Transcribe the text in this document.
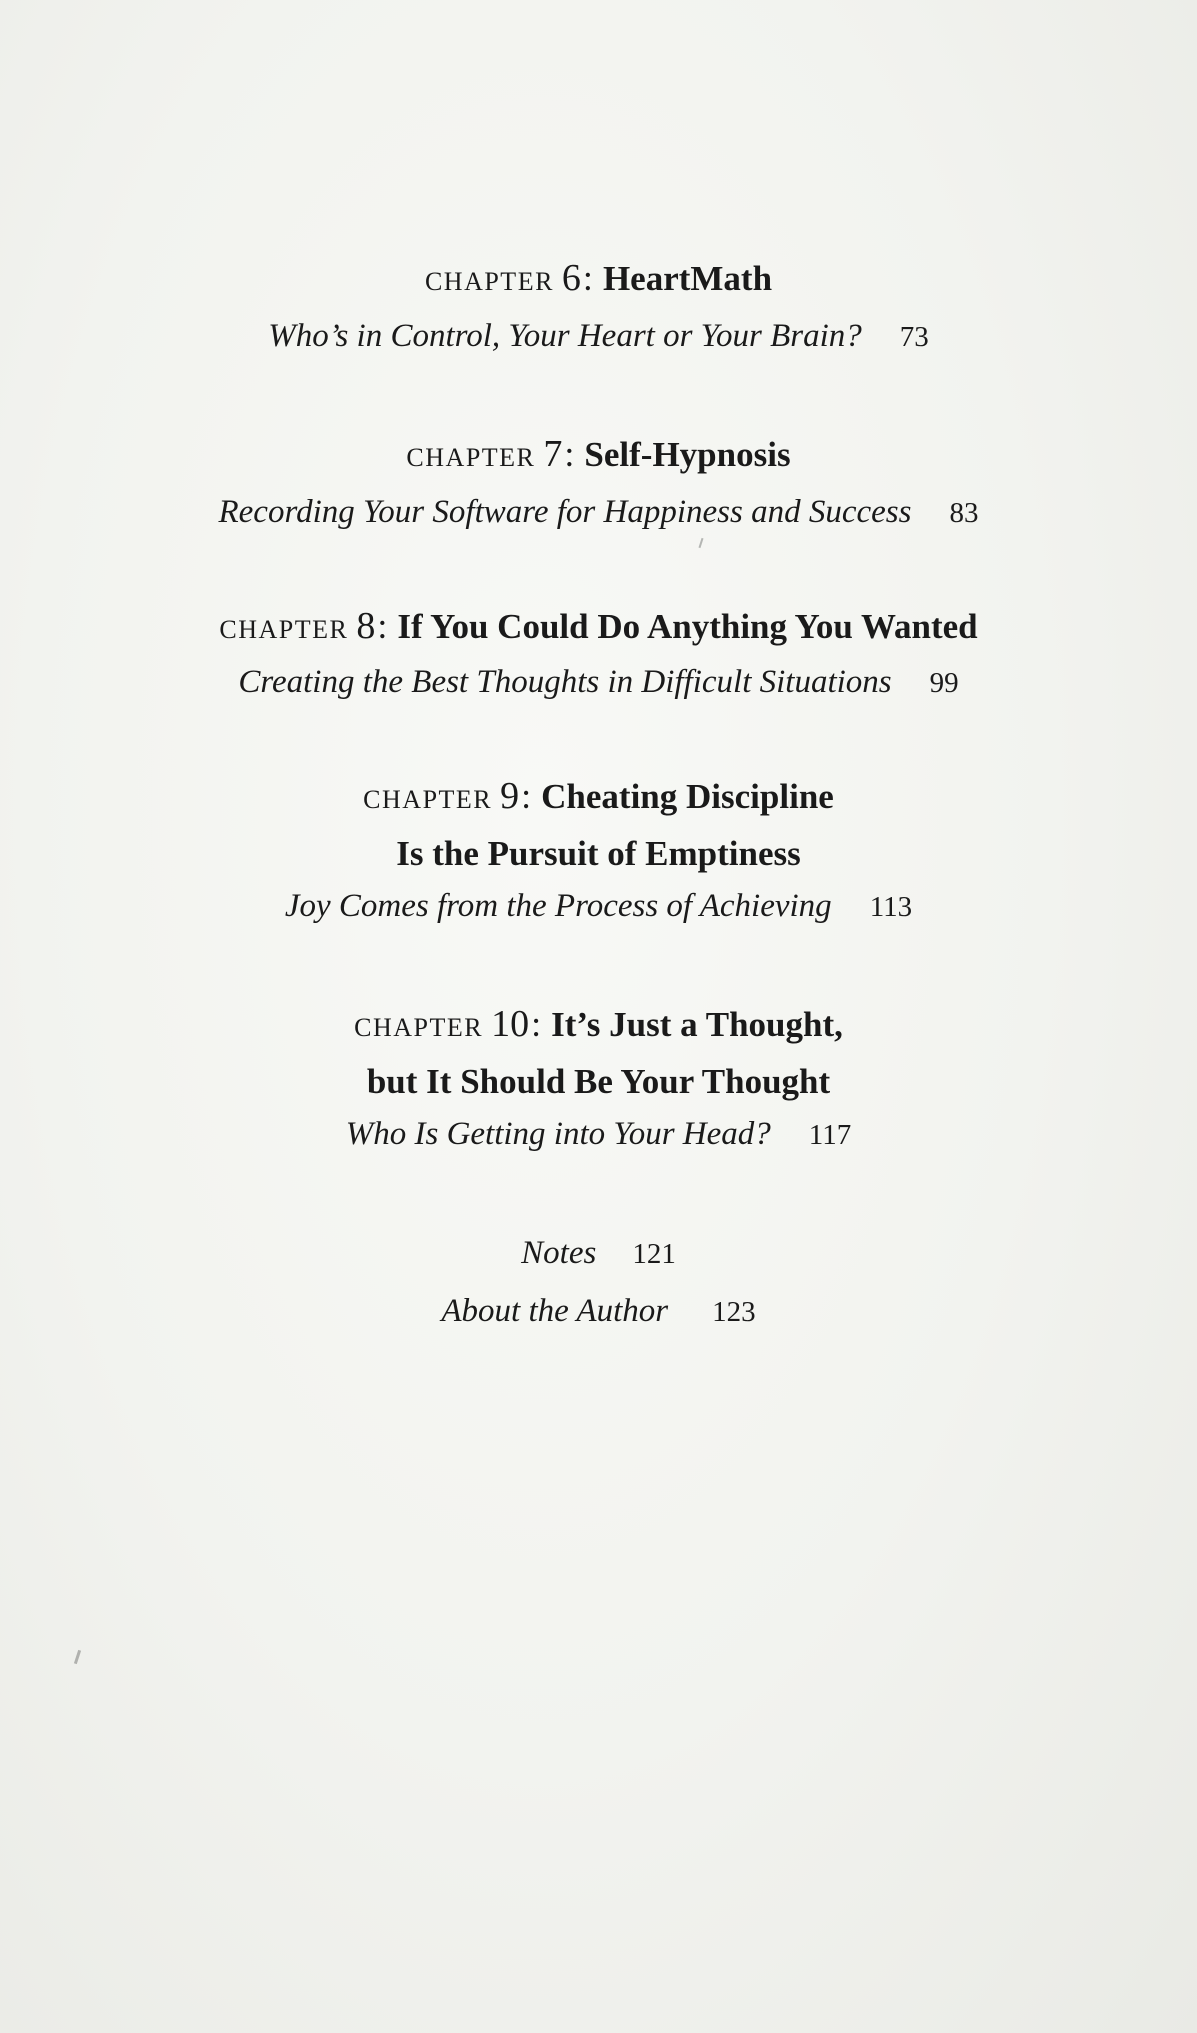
CHAPTER 6: HeartMath
Who’s in Control, Your Heart or Your Brain? 73
CHAPTER 7: Self-Hypnosis
Recording Your Software for Happiness and Success 83
CHAPTER 8: If You Could Do Anything You Wanted
Creating the Best Thoughts in Difficult Situations 99
CHAPTER 9: Cheating Discipline
Is the Pursuit of Emptiness
Joy Comes from the Process of Achieving 113
CHAPTER 10: It’s Just a Thought,
but It Should Be Your Thought
Who Is Getting into Your Head? 117
Notes 121
About the Author 123
